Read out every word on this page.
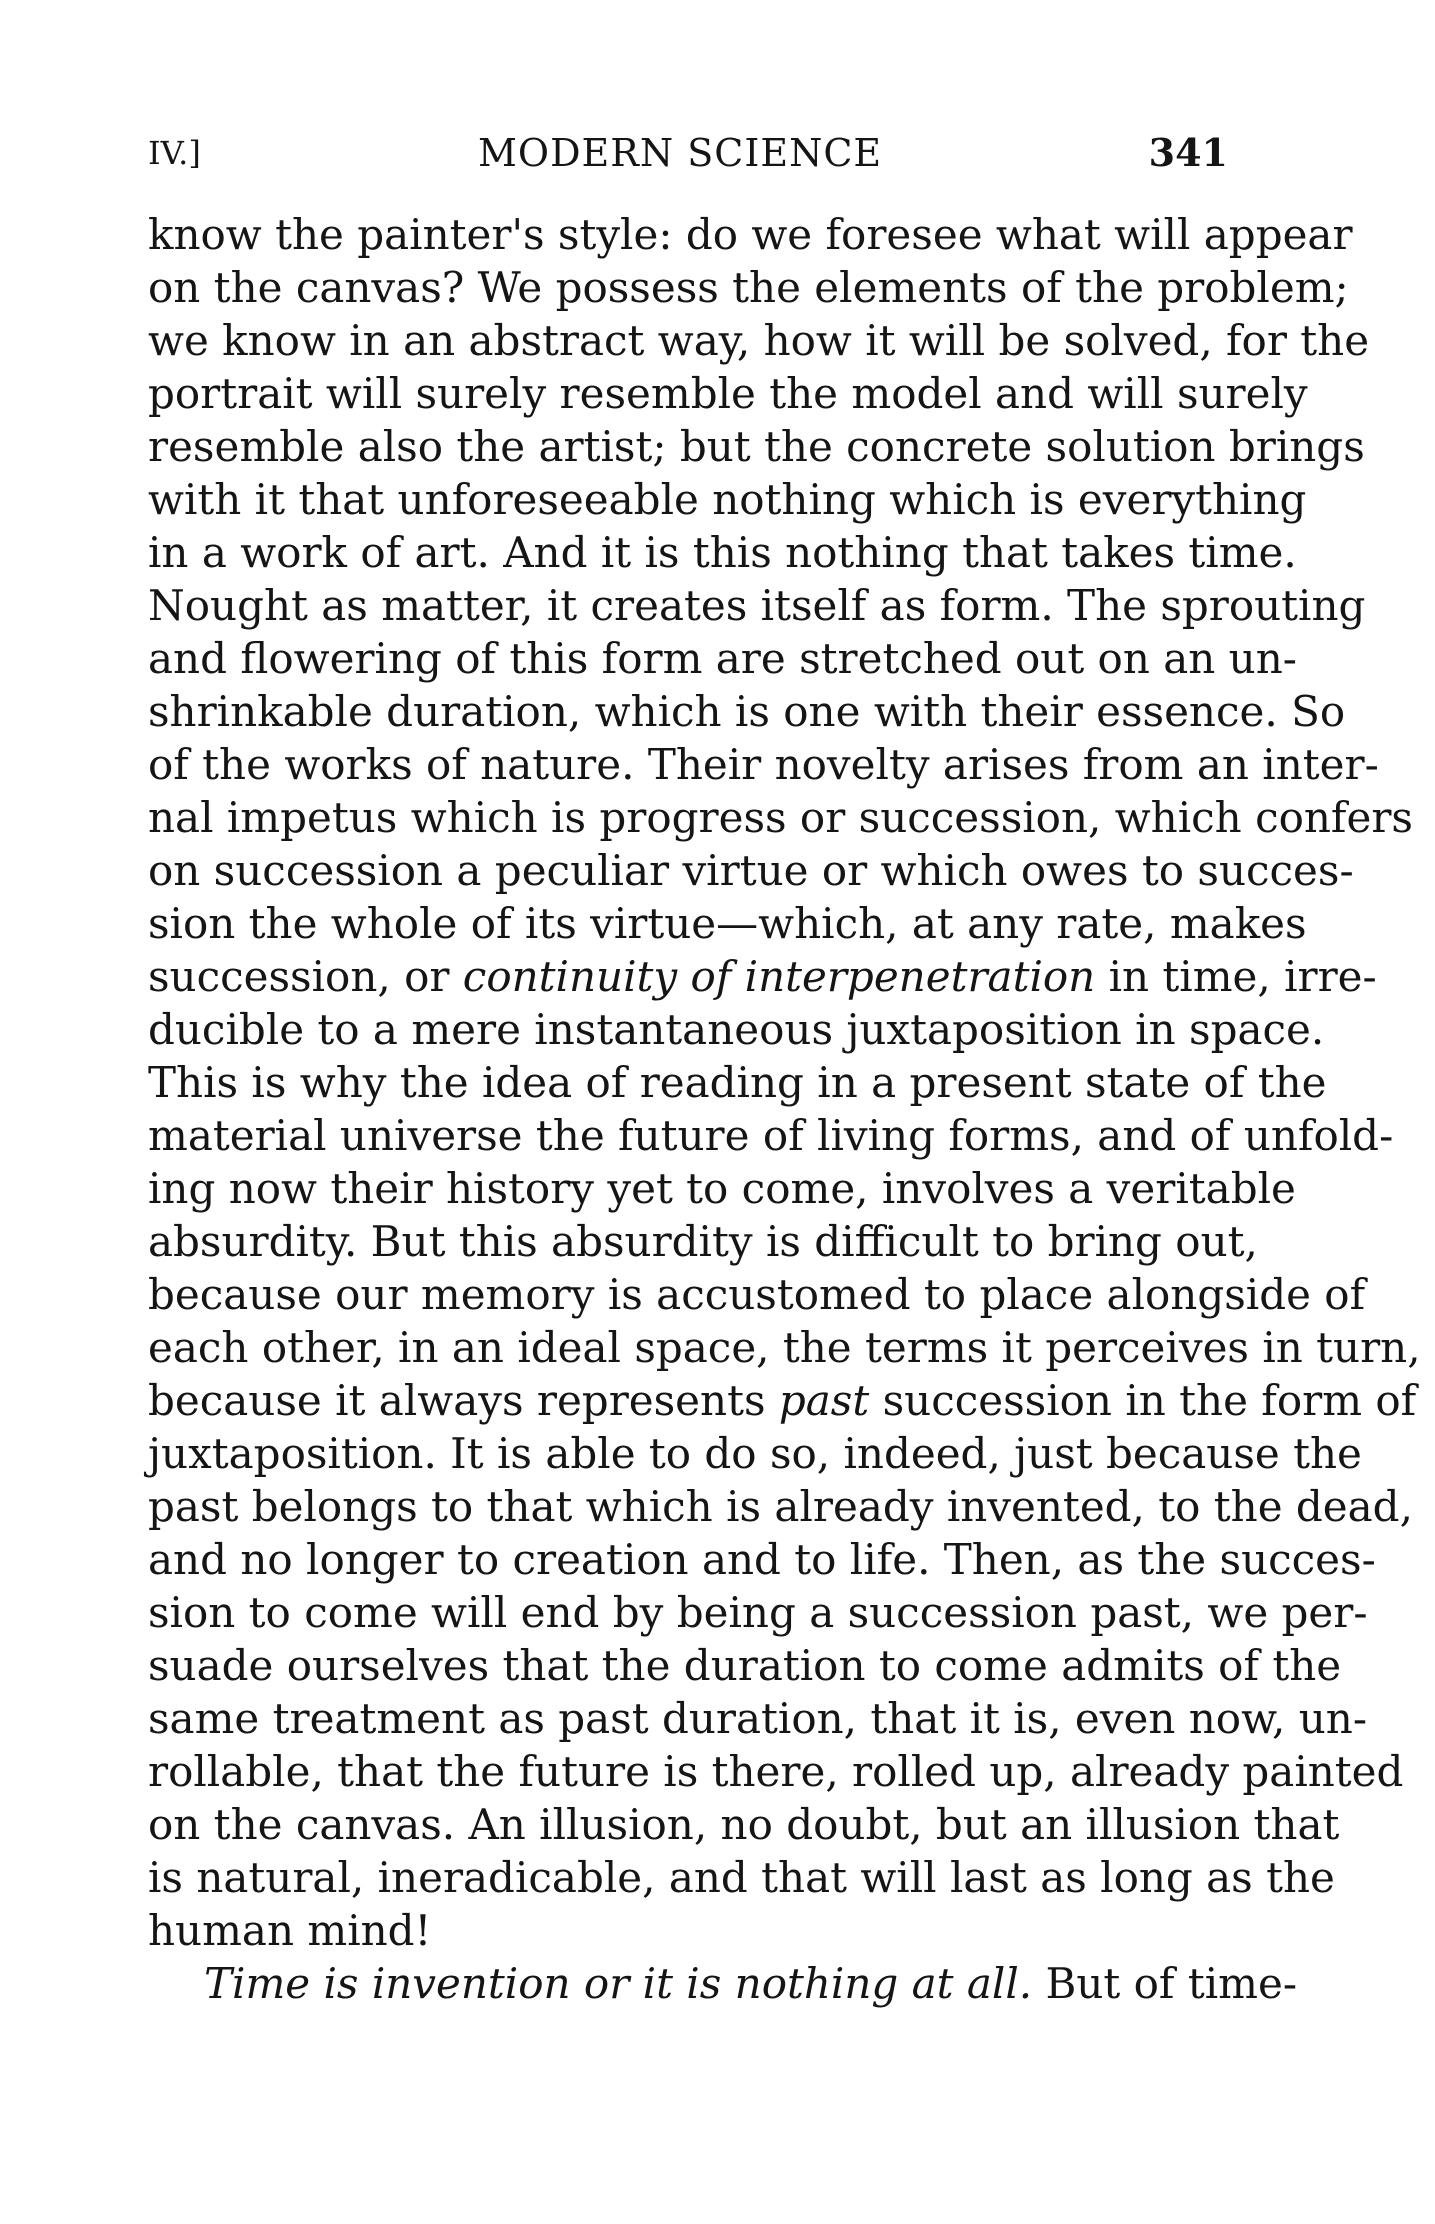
IV.]	MODERN SCIENCE	341
know the painter's style: do we foresee what will appear
on the canvas? We possess the elements of the problem;
we know in an abstract way, how it will be solved, for the
portrait will surely resemble the model and will surely
resemble also the artist; but the concrete solution brings
with it that unforeseeable nothing which is everything
in a work of art. And it is this nothing that takes time.
Nought as matter, it creates itself as form. The sprouting
and flowering of this form are stretched out on an un-
shrinkable duration, which is one with their essence. So
of the works of nature. Their novelty arises from an inter-
nal impetus which is progress or succession, which confers
on succession a peculiar virtue or which owes to succes-
sion the whole of its virtue—which, at any rate, makes
succession, or continuity of interpenetration in time, irre-
ducible to a mere instantaneous juxtaposition in space.
This is why the idea of reading in a present state of the
material universe the future of living forms, and of unfold-
ing now their history yet to come, involves a veritable
absurdity. But this absurdity is difficult to bring out,
because our memory is accustomed to place alongside of
each other, in an ideal space, the terms it perceives in turn,
because it always represents past succession in the form of
juxtaposition. It is able to do so, indeed, just because the
past belongs to that which is already invented, to the dead,
and no longer to creation and to life. Then, as the succes-
sion to come will end by being a succession past, we per-
suade ourselves that the duration to come admits of the
same treatment as past duration, that it is, even now, un-
rollable, that the future is there, rolled up, already painted
on the canvas. An illusion, no doubt, but an illusion that
is natural, ineradicable, and that will last as long as the
human mind!
Time is invention or it is nothing at all. But of time-
